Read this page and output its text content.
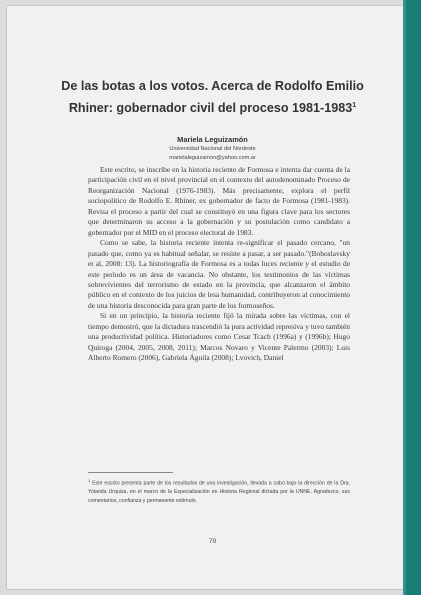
De las botas a los votos. Acerca de Rodolfo Emilio
Rhiner: gobernador civil del proceso 1981-1983$^1$
Mariela Leguizamón
Universidad Nacional del Nordeste
marielaleguizamon@yahoo.com.ar

Este escrito, se inscribe en la historia reciente de Formosa e intenta dar cuenta de la participación civil en el nivel provincial en el contexto del autodenominado Proceso de Reorganización Nacional (1976-1983). Más precisamente, explora el perfil sociopolítico de Rodolfo E. Rhiner, ex gobernador de facto de Formosa (1981-1983). Revisa el proceso a partir del cual se constituyó en una figura clave para los sectores que determinaron su acceso a la gobernación y su postulación como candidato a gobernador por el MID en el proceso electoral de 1983.

Como se sabe, la historia reciente intenta re-significar el pasado cercano, "un pasado que, como ya es habitual señalar, se resiste a pasar, a ser pasado."(Bohoslavsky et al, 2008: 13). La historiografía de Formosa es a todas luces reciente y el estudio de este período es un área de vacancia. No obstante, los testimonios de las víctimas sobrevivientes del terrorismo de estado en la provincia, que alcanzaron el ámbito público en el contexto de los juicios de lesa humanidad, contribuyeron al conocimiento de una historia desconocida para gran parte de los formoseños.

Si en un principio, la historia reciente fijó la mirada sobre las víctimas, con el tiempo demostró, que la dictadura trascendió la pura actividad represiva y tuvo también una productividad política. Historiadores como Cesar Tcach (1996a) y (1996b); Hugo Quiroga (2004, 2005, 2008, 2011); Marcos Novaro y Vicente Palermo (2003); Luis Alberto Romero (2006), Gabriela Águila (2008); Lvovich, Daniel

$^1$ Este escrito presenta parte de los resultados de una investigación, llevada a cabo bajo la dirección de la Dra. Yolanda Urquiza, en el marco de la Especialización en Historia Regional dictada por la UNNE. Agradezco, sus comentarios, confianza y permanente estímulo.
79
